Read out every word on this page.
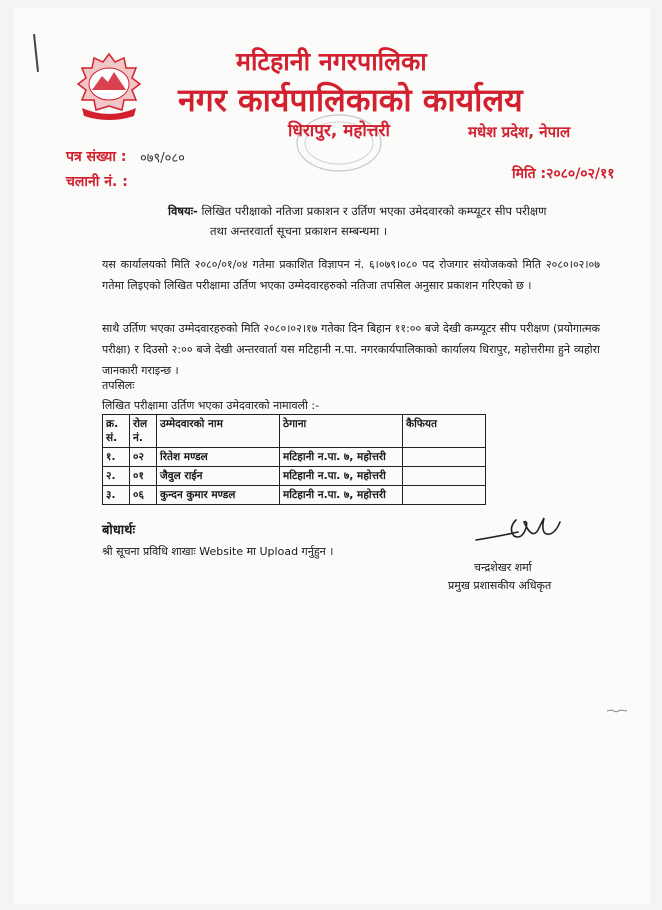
मटिहानी नगरपालिका
नगर कार्यपालिकाको कार्यालय
धिरापुर, महोत्तरी	मधेश प्रदेश, नेपाल
पत्र संख्या : ०७९/०८०
चलानी नं. :	मिति :२०८०/०२/११
विषयः- लिखित परीक्षाको नतिजा प्रकाशन र उर्तिण भएका उमेदवारको कम्प्यूटर सीप परीक्षण
तथा अन्तरवार्ता सूचना प्रकाशन सम्बन्धमा ।
यस कार्यालयको मिति २०८०/०१/०४ गतेमा प्रकाशित विज्ञापन नं. ६।०७९।०८० पद रोजगार संयोजकको मिति २०८०।०२।०७ गतेमा लिइएको लिखित परीक्षामा उर्तिण भएका उम्मेदवारहरुको नतिजा तपसिल अनुसार प्रकाशन गरिएको छ ।
साथै उर्तिण भएका उम्मेदवारहरुको मिति २०८०।०२।१७ गतेका दिन बिहान ११:०० बजे देखी कम्प्यूटर सीप परीक्षण (प्रयोगात्मक परीक्षा) र दिउसो २:०० बजे देखी अन्तरवार्ता यस मटिहानी न.पा. नगरकार्यपालिकाको कार्यालय धिरापुर, महोत्तरीमा हुने व्यहोरा जानकारी गराइन्छ ।
तपसिलः
लिखित परीक्षामा उर्तिण भएका उमेदवारको नामावली :-
क्र. सं.	रोल नं.	उम्मेदवारको नाम	ठेगाना	कैफियत
१.	०२	रितेश मण्डल	मटिहानी न.पा. ७, महोत्तरी	
२.	०१	जैवुल राईन	मटिहानी न.पा. ७, महोत्तरी	
३.	०६	कुन्दन कुमार मण्डल	मटिहानी न.पा. ७, महोत्तरी	
बोधार्थः
श्री सूचना प्रविधि शाखाः Website मा Upload गर्नुहुन ।
चन्द्रशेखर शर्मा
प्रमुख प्रशासकीय अधिकृत
